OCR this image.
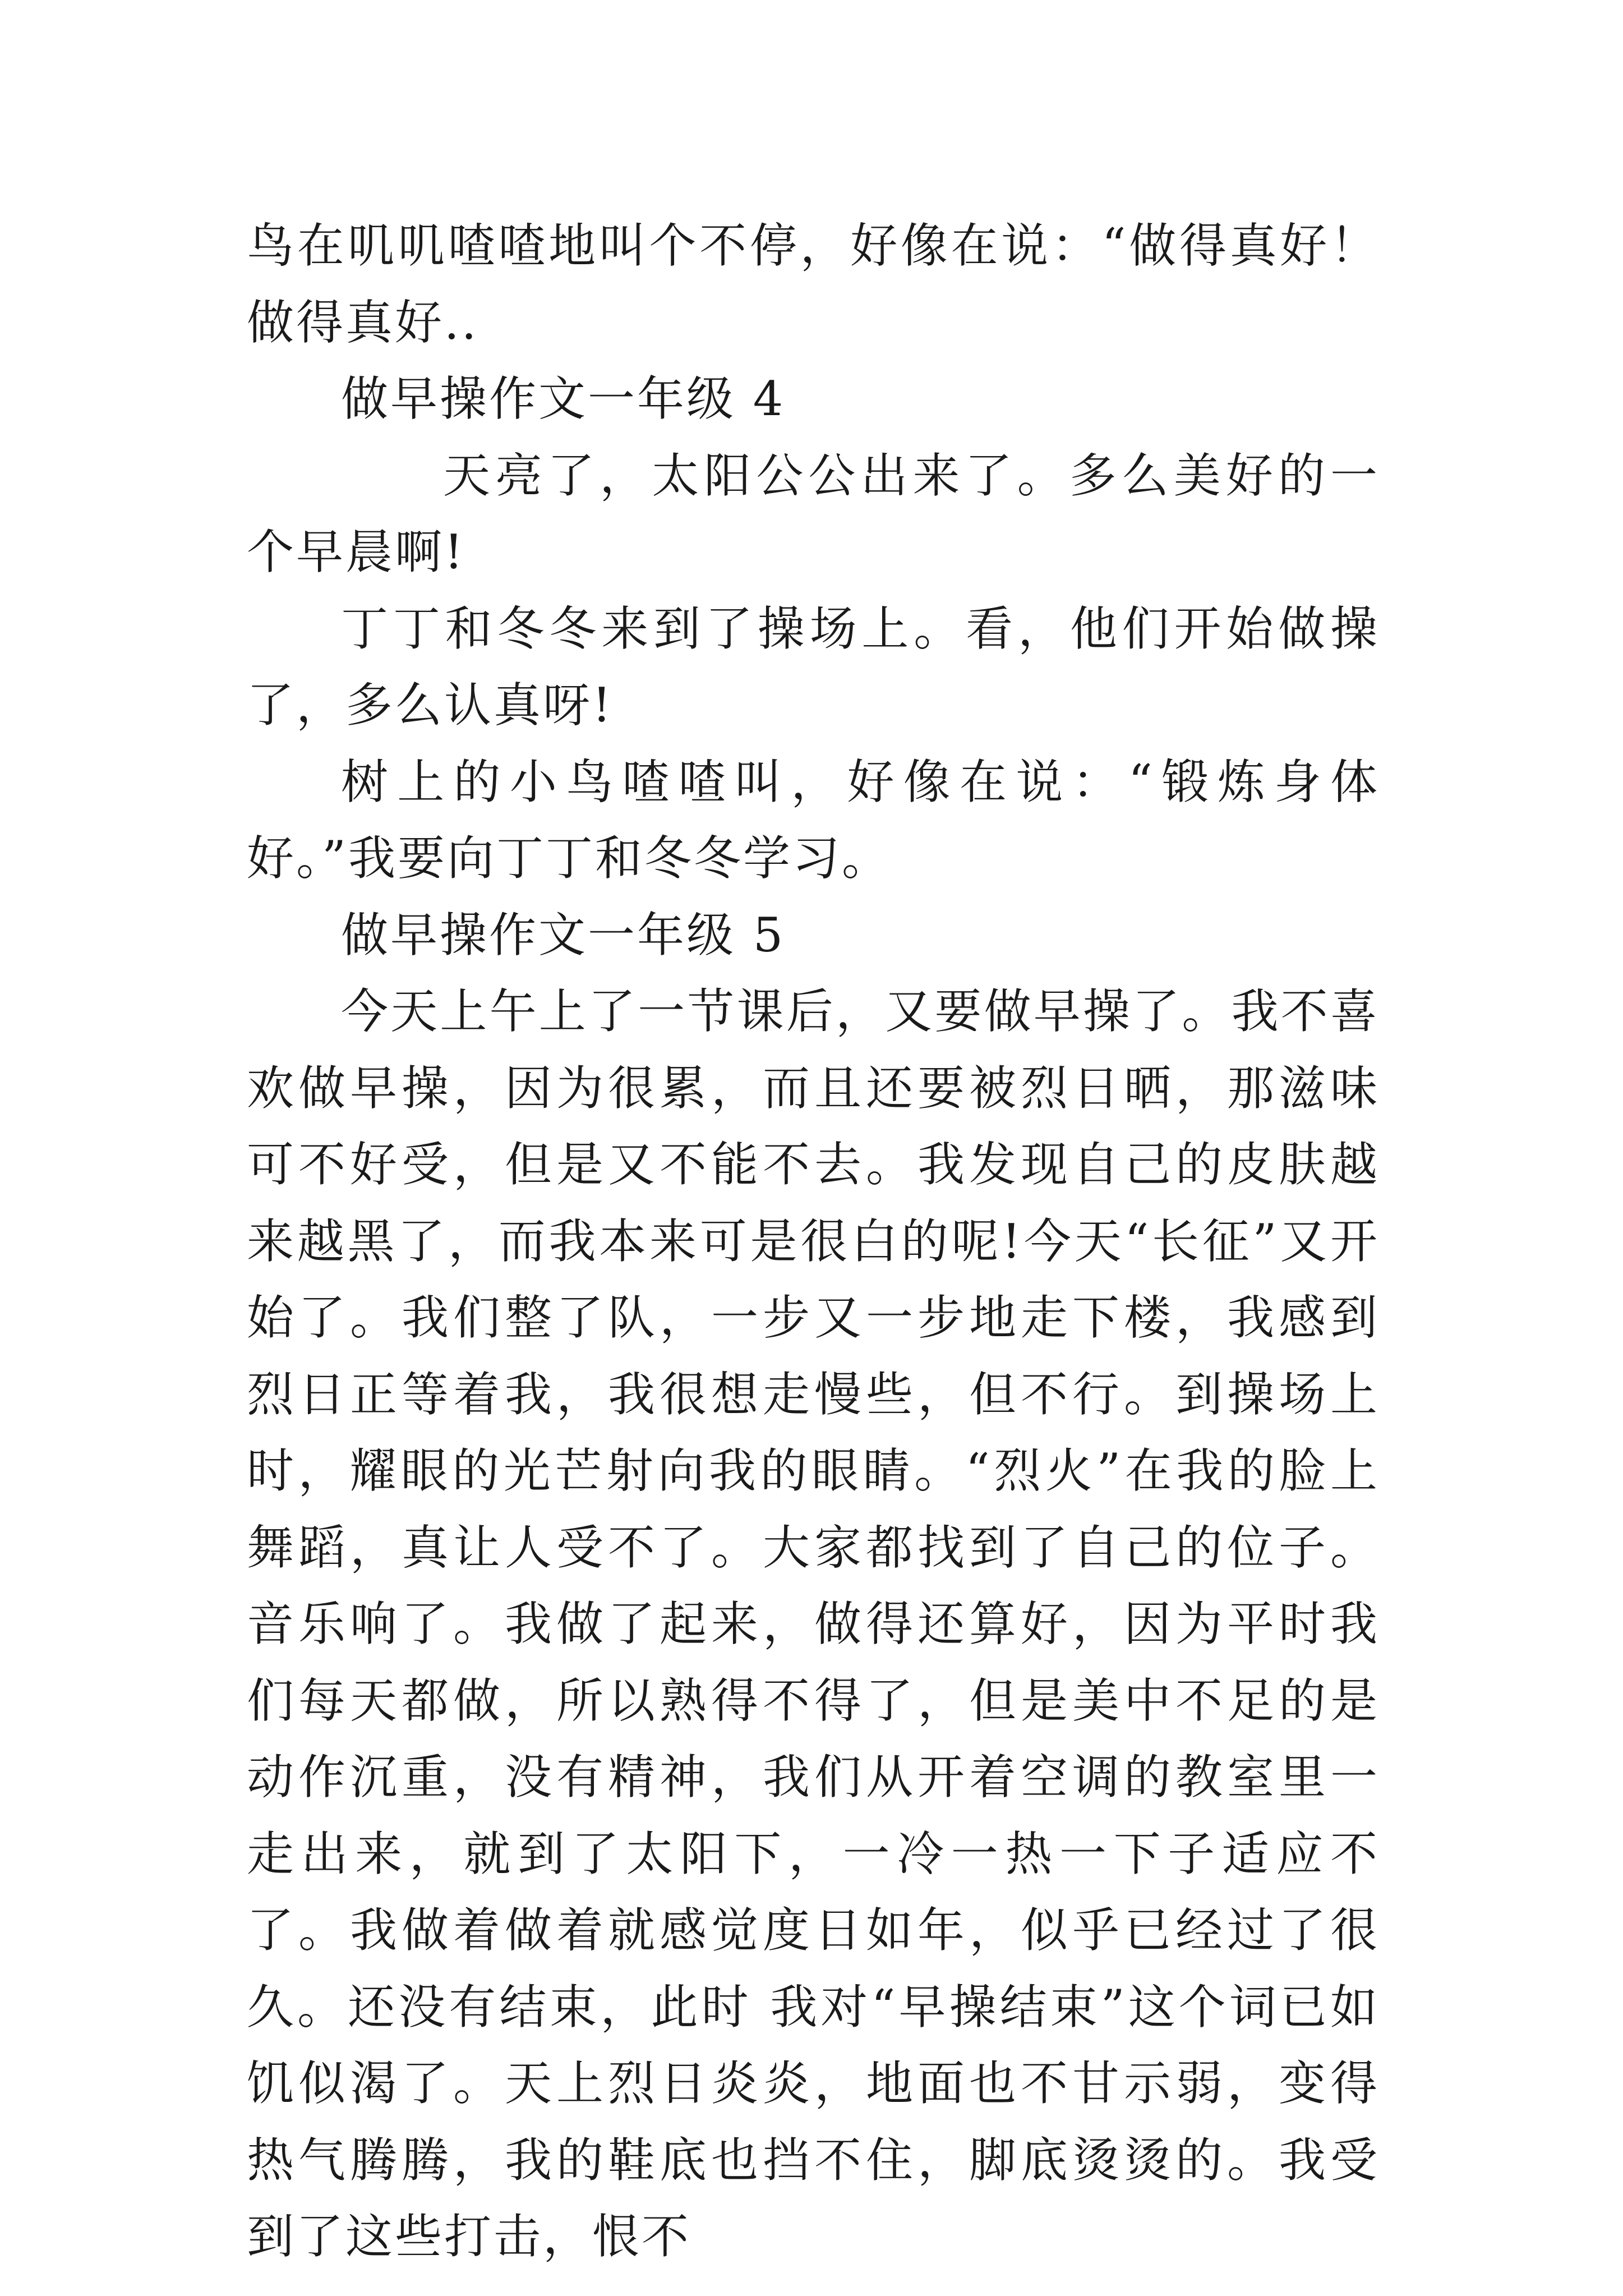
鸟在叽叽喳喳地叫个不停，好像在说：“做得真好！做得真好..

做早操作文一年级 4

天亮了，太阳公公出来了。多么美好的一个早晨啊!

丁丁和冬冬来到了操场上。看，他们开始做操了，多么认真呀!

树上的小鸟喳喳叫，好像在说：“锻炼身体好。”我要向丁丁和冬冬学习。

做早操作文一年级 5

今天上午上了一节课后，又要做早操了。我不喜欢做早操，因为很累，而且还要被烈日晒，那滋味可不好受，但是又不能不去。我发现自己的皮肤越来越黑了，而我本来可是很白的呢!今天“长征”又开始了。我们整了队，一步又一步地走下楼，我感到烈日正等着我，我很想走慢些，但不行。到操场上时，耀眼的光芒射向我的眼睛。“烈火”在我的脸上舞蹈，真让人受不了。大家都找到了自己的位子。音乐响了。我做了起来，做得还算好，因为平时我们每天都做，所以熟得不得了，但是美中不足的是动作沉重，没有精神，我们从开着空调的教室里一走出来，就到了太阳下，一冷一热一下子适应不了。我做着做着就感觉度日如年，似乎已经过了很久。还没有结束，此时 我对“早操结束”这个词已如饥似渴了。天上烈日炎炎，地面也不甘示弱，变得热气腾腾，我的鞋底也挡不住，脚底烫烫的。我受到了这些打击，恨不
